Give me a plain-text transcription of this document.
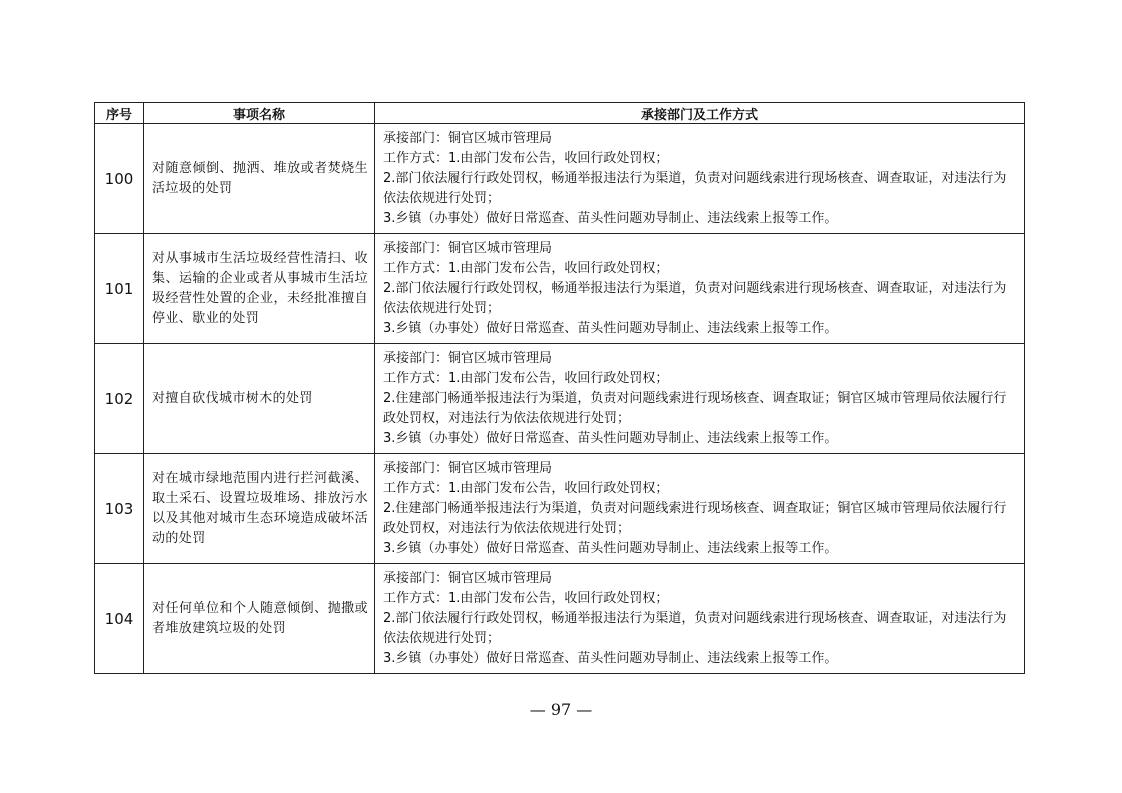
序号	事项名称	承接部门及工作方式
100	对随意倾倒、抛洒、堆放或者焚烧生活垃圾的处罚	承接部门：铜官区城市管理局
工作方式：1.由部门发布公告，收回行政处罚权；
2.部门依法履行行政处罚权，畅通举报违法行为渠道，负责对问题线索进行现场核查、调查取证，对违法行为依法依规进行处罚；
3.乡镇（办事处）做好日常巡查、苗头性问题劝导制止、违法线索上报等工作。

101	对从事城市生活垃圾经营性清扫、收集、运输的企业或者从事城市生活垃圾经营性处置的企业，未经批准擅自停业、歇业的处罚	承接部门：铜官区城市管理局
工作方式：1.由部门发布公告，收回行政处罚权；
2.部门依法履行行政处罚权，畅通举报违法行为渠道，负责对问题线索进行现场核查、调查取证，对违法行为依法依规进行处罚；
3.乡镇（办事处）做好日常巡查、苗头性问题劝导制止、违法线索上报等工作。

102	对擅自砍伐城市树木的处罚	承接部门：铜官区城市管理局
工作方式：1.由部门发布公告，收回行政处罚权；
2.住建部门畅通举报违法行为渠道，负责对问题线索进行现场核查、调查取证；铜官区城市管理局依法履行行政处罚权，对违法行为依法依规进行处罚；
3.乡镇（办事处）做好日常巡查、苗头性问题劝导制止、违法线索上报等工作。

103	对在城市绿地范围内进行拦河截溪、取土采石、设置垃圾堆场、排放污水以及其他对城市生态环境造成破坏活动的处罚	承接部门：铜官区城市管理局
工作方式：1.由部门发布公告，收回行政处罚权；
2.住建部门畅通举报违法行为渠道，负责对问题线索进行现场核查、调查取证；铜官区城市管理局依法履行行政处罚权，对违法行为依法依规进行处罚；
3.乡镇（办事处）做好日常巡查、苗头性问题劝导制止、违法线索上报等工作。

104	对任何单位和个人随意倾倒、抛撒或者堆放建筑垃圾的处罚	承接部门：铜官区城市管理局
工作方式：1.由部门发布公告，收回行政处罚权；
2.部门依法履行行政处罚权，畅通举报违法行为渠道，负责对问题线索进行现场核查、调查取证，对违法行为依法依规进行处罚；
3.乡镇（办事处）做好日常巡查、苗头性问题劝导制止、违法线索上报等工作。
— 97 —
